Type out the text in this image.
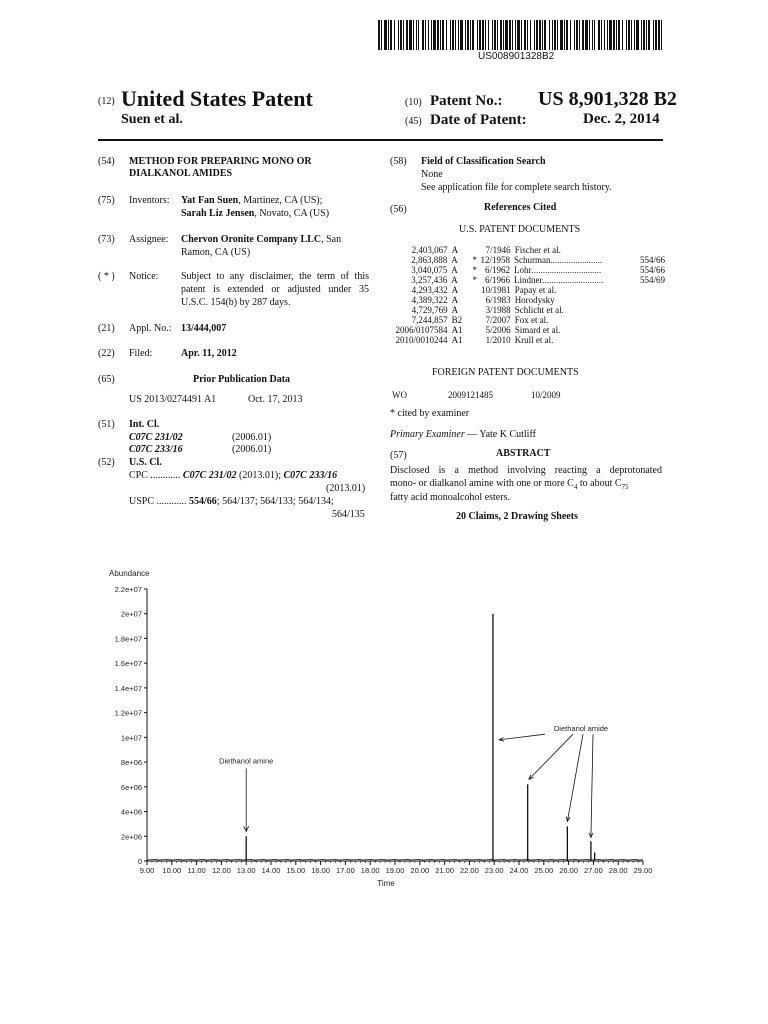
US008901328B2
(12) United States Patent
Suen et al.
(10) Patent No.: US 8,901,328 B2
(45) Date of Patent:	Dec. 2, 2014
(54) METHOD FOR PREPARING MONO OR
DIALKANOL AMIDES
(75) Inventors: Yat Fan Suen, Martinez, CA (US);
Sarah Liz Jensen, Novato, CA (US)
(73) Assignee: Chervon Oronite Company LLC, San
Ramon, CA (US)
( * ) Notice: Subject to any disclaimer, the term of this
patent is extended or adjusted under 35
U.S.C. 154(b) by 287 days.
(21) Appl. No.: 13/444,007
(22) Filed:	Apr. 11, 2012
(65)	Prior Publication Data
US 2013/0274491 A1	Oct. 17, 2013
(51) Int. Cl.
C07C 231/02	(2006.01)
C07C 233/16	(2006.01)
(52) U.S. Cl.
CPC ............ C07C 231/02 (2013.01); C07C 233/16
(2013.01)
USPC ............ 554/66; 564/137; 564/133; 564/134;
564/135
(58) Field of Classification Search
None
See application file for complete search history.
(56)	References Cited
U.S. PATENT DOCUMENTS
2,403,067 A	7/1946 Fischer et al.
2,863,888 A	* 12/1958 Schurman.......................	554/66
3,040,075 A	* 6/1962 Lohr...............................	554/66
3,257,436 A	* 6/1966 Lindner...........................	554/69
4,293,432 A	10/1981 Papay et al.
4,389,322 A	6/1983 Horodysky
4,729,769 A	3/1988 Schlicht et al.
7,244,857 B2	7/2007 Fox et al.
2006/0107584 A1	5/2006 Simard et al.
2010/0010244 A1	1/2010 Krull et al.
FOREIGN PATENT DOCUMENTS
WO	2009121485	10/2009
* cited by examiner
Primary Examiner — Yate K Cutliff
(57)	ABSTRACT
Disclosed is a method involving reacting a deprotonated
mono- or dialkanol amine with one or more $C_4$ to about $C_{75}$
fatty acid monoalcohol esters.
20 Claims, 2 Drawing Sheets
Abundance
Time
0
2e+06
4e+06
6e+06
8e+06
1e+07
1.2e+07
1.4e+07
1.6e+07
1.8e+07
2e+07
2.2e+07
9.00 10.00 11.00 12.00 13.00 14.00 15.00 16.00 17.00 18.00 19.00 20.00 21.00 22.00 23.00 24.00 25.00 26.00 27.00 28.00 29.00
Diethanol amine
Diethanol amide
